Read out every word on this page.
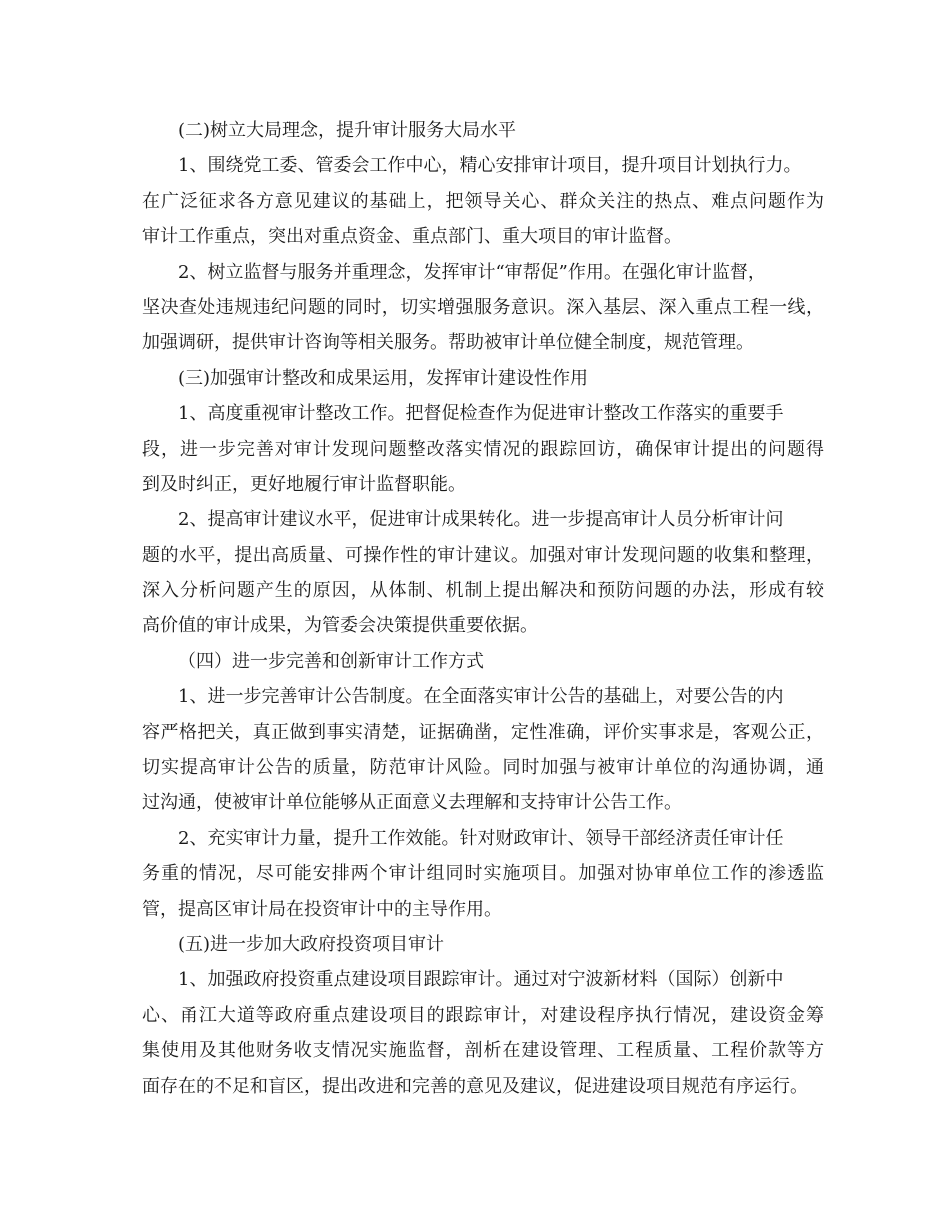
(二)树立大局理念，提升审计服务大局水平
1、围绕党工委、管委会工作中心，精心安排审计项目，提升项目计划执行力。
在广泛征求各方意见建议的基础上，把领导关心、群众关注的热点、难点问题作为
审计工作重点，突出对重点资金、重点部门、重大项目的审计监督。
2、树立监督与服务并重理念，发挥审计“审帮促”作用。在强化审计监督，
坚决查处违规违纪问题的同时，切实增强服务意识。深入基层、深入重点工程一线，
加强调研，提供审计咨询等相关服务。帮助被审计单位健全制度，规范管理。
(三)加强审计整改和成果运用，发挥审计建设性作用
1、高度重视审计整改工作。把督促检查作为促进审计整改工作落实的重要手
段，进一步完善对审计发现问题整改落实情况的跟踪回访，确保审计提出的问题得
到及时纠正，更好地履行审计监督职能。
2、提高审计建议水平，促进审计成果转化。进一步提高审计人员分析审计问
题的水平，提出高质量、可操作性的审计建议。加强对审计发现问题的收集和整理，
深入分析问题产生的原因，从体制、机制上提出解决和预防问题的办法，形成有较
高价值的审计成果，为管委会决策提供重要依据。
（四）进一步完善和创新审计工作方式
1、进一步完善审计公告制度。在全面落实审计公告的基础上，对要公告的内
容严格把关，真正做到事实清楚，证据确凿，定性准确，评价实事求是，客观公正，
切实提高审计公告的质量，防范审计风险。同时加强与被审计单位的沟通协调，通
过沟通，使被审计单位能够从正面意义去理解和支持审计公告工作。
2、充实审计力量，提升工作效能。针对财政审计、领导干部经济责任审计任
务重的情况，尽可能安排两个审计组同时实施项目。加强对协审单位工作的渗透监
管，提高区审计局在投资审计中的主导作用。
(五)进一步加大政府投资项目审计
1、加强政府投资重点建设项目跟踪审计。通过对宁波新材料（国际）创新中
心、甬江大道等政府重点建设项目的跟踪审计，对建设程序执行情况，建设资金筹
集使用及其他财务收支情况实施监督，剖析在建设管理、工程质量、工程价款等方
面存在的不足和盲区，提出改进和完善的意见及建议，促进建设项目规范有序运行。
